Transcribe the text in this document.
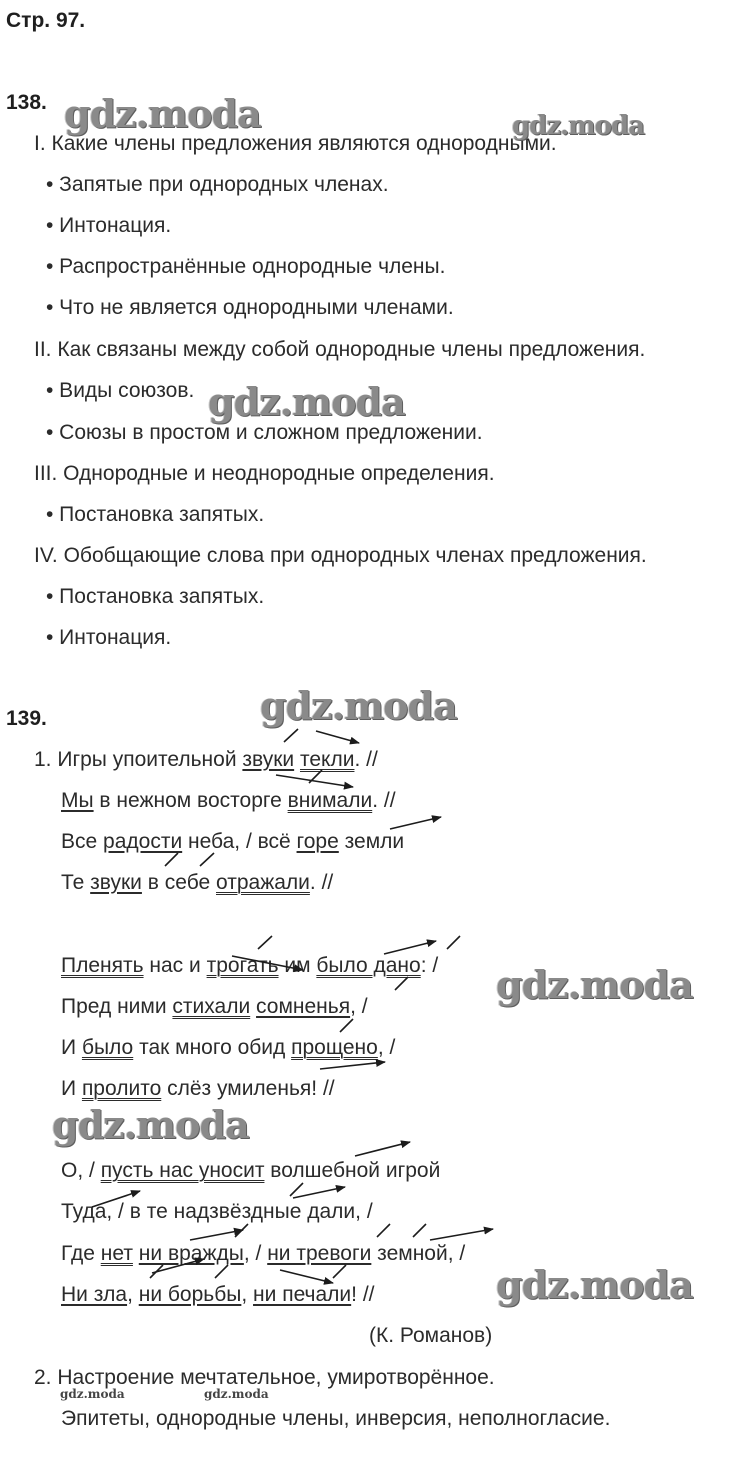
Стр. 97.
138.
I. Какие члены предложения являются однородными.
• Запятые при однородных членах.
• Интонация.
• Распространённые однородные члены.
• Что не является однородными членами.
II. Как связаны между собой однородные члены предложения.
• Виды союзов.
• Союзы в простом и сложном предложении.
III. Однородные и неоднородные определения.
• Постановка запятых.
IV. Обобщающие слова при однородных членах предложения.
• Постановка запятых.
• Интонация.
139.
1. Игры упоительной звуки текли. //
Мы в нежном восторге внимали. //
Все радости неба, / всё горе земли
Те звуки в себе отражали. //
Пленять нас и трогать им было дано: /
Пред ними стихали сомненья, /
И было так много обид прощено, /
И пролито слёз умиленья! //
О, / пусть нас уносит волшебной игрой
Туда, / в те надзвёздные дали, /
Где нет ни вражды, / ни тревоги земной, /
Ни зла, ни борьбы, ни печали! //
(К. Романов)
2. Настроение мечтательное, умиротворённое.
Эпитеты, однородные члены, инверсия, неполногласие.
gdz.moda	gdz.moda
gdz.moda
gdz.moda
gdz.moda
gdz.moda
gdz.moda
gdz.moda	gdz.moda
